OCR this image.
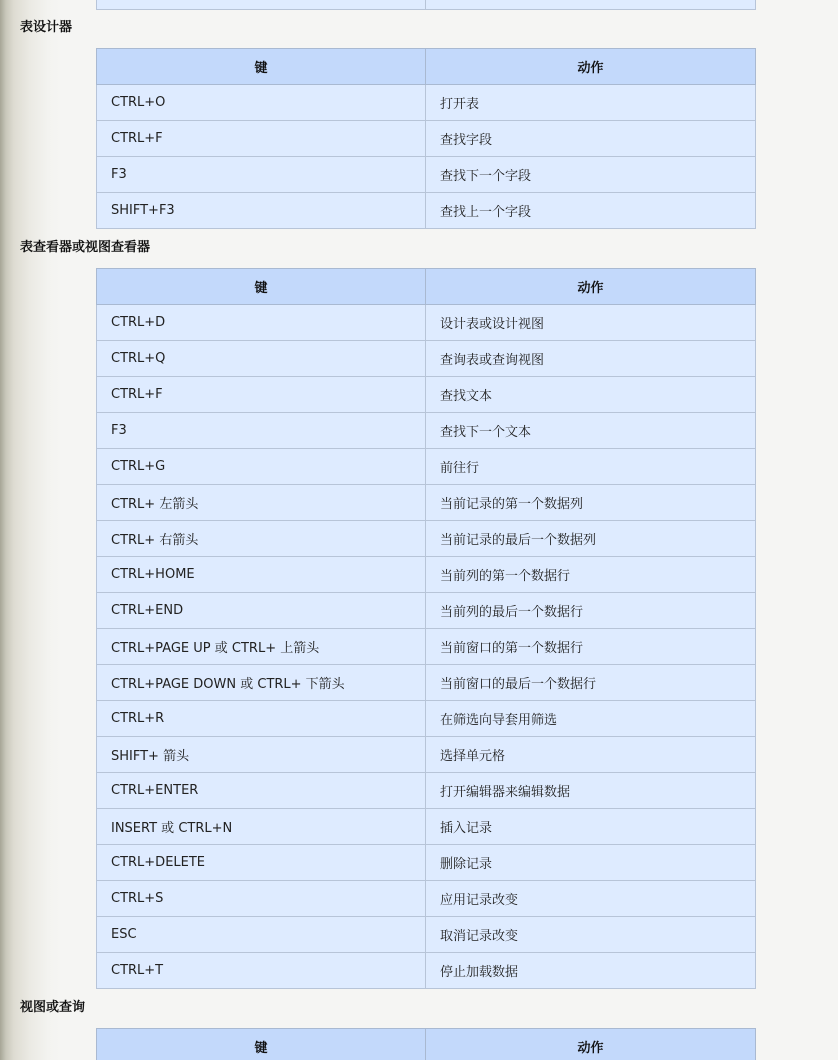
表设计器
键	动作
CTRL+O	打开表
CTRL+F	查找字段
F3	查找下一个字段
SHIFT+F3	查找上一个字段
表查看器或视图查看器
键	动作
CTRL+D	设计表或设计视图
CTRL+Q	查询表或查询视图
CTRL+F	查找文本
F3	查找下一个文本
CTRL+G	前往行
CTRL+ 左箭头	当前记录的第一个数据列
CTRL+ 右箭头	当前记录的最后一个数据列
CTRL+HOME	当前列的第一个数据行
CTRL+END	当前列的最后一个数据行
CTRL+PAGE UP 或 CTRL+ 上箭头	当前窗口的第一个数据行
CTRL+PAGE DOWN 或 CTRL+ 下箭头	当前窗口的最后一个数据行
CTRL+R	在筛选向导套用筛选
SHIFT+ 箭头	选择单元格
CTRL+ENTER	打开编辑器来编辑数据
INSERT 或 CTRL+N	插入记录
CTRL+DELETE	删除记录
CTRL+S	应用记录改变
ESC	取消记录改变
CTRL+T	停止加载数据
视图或查询
键	动作
